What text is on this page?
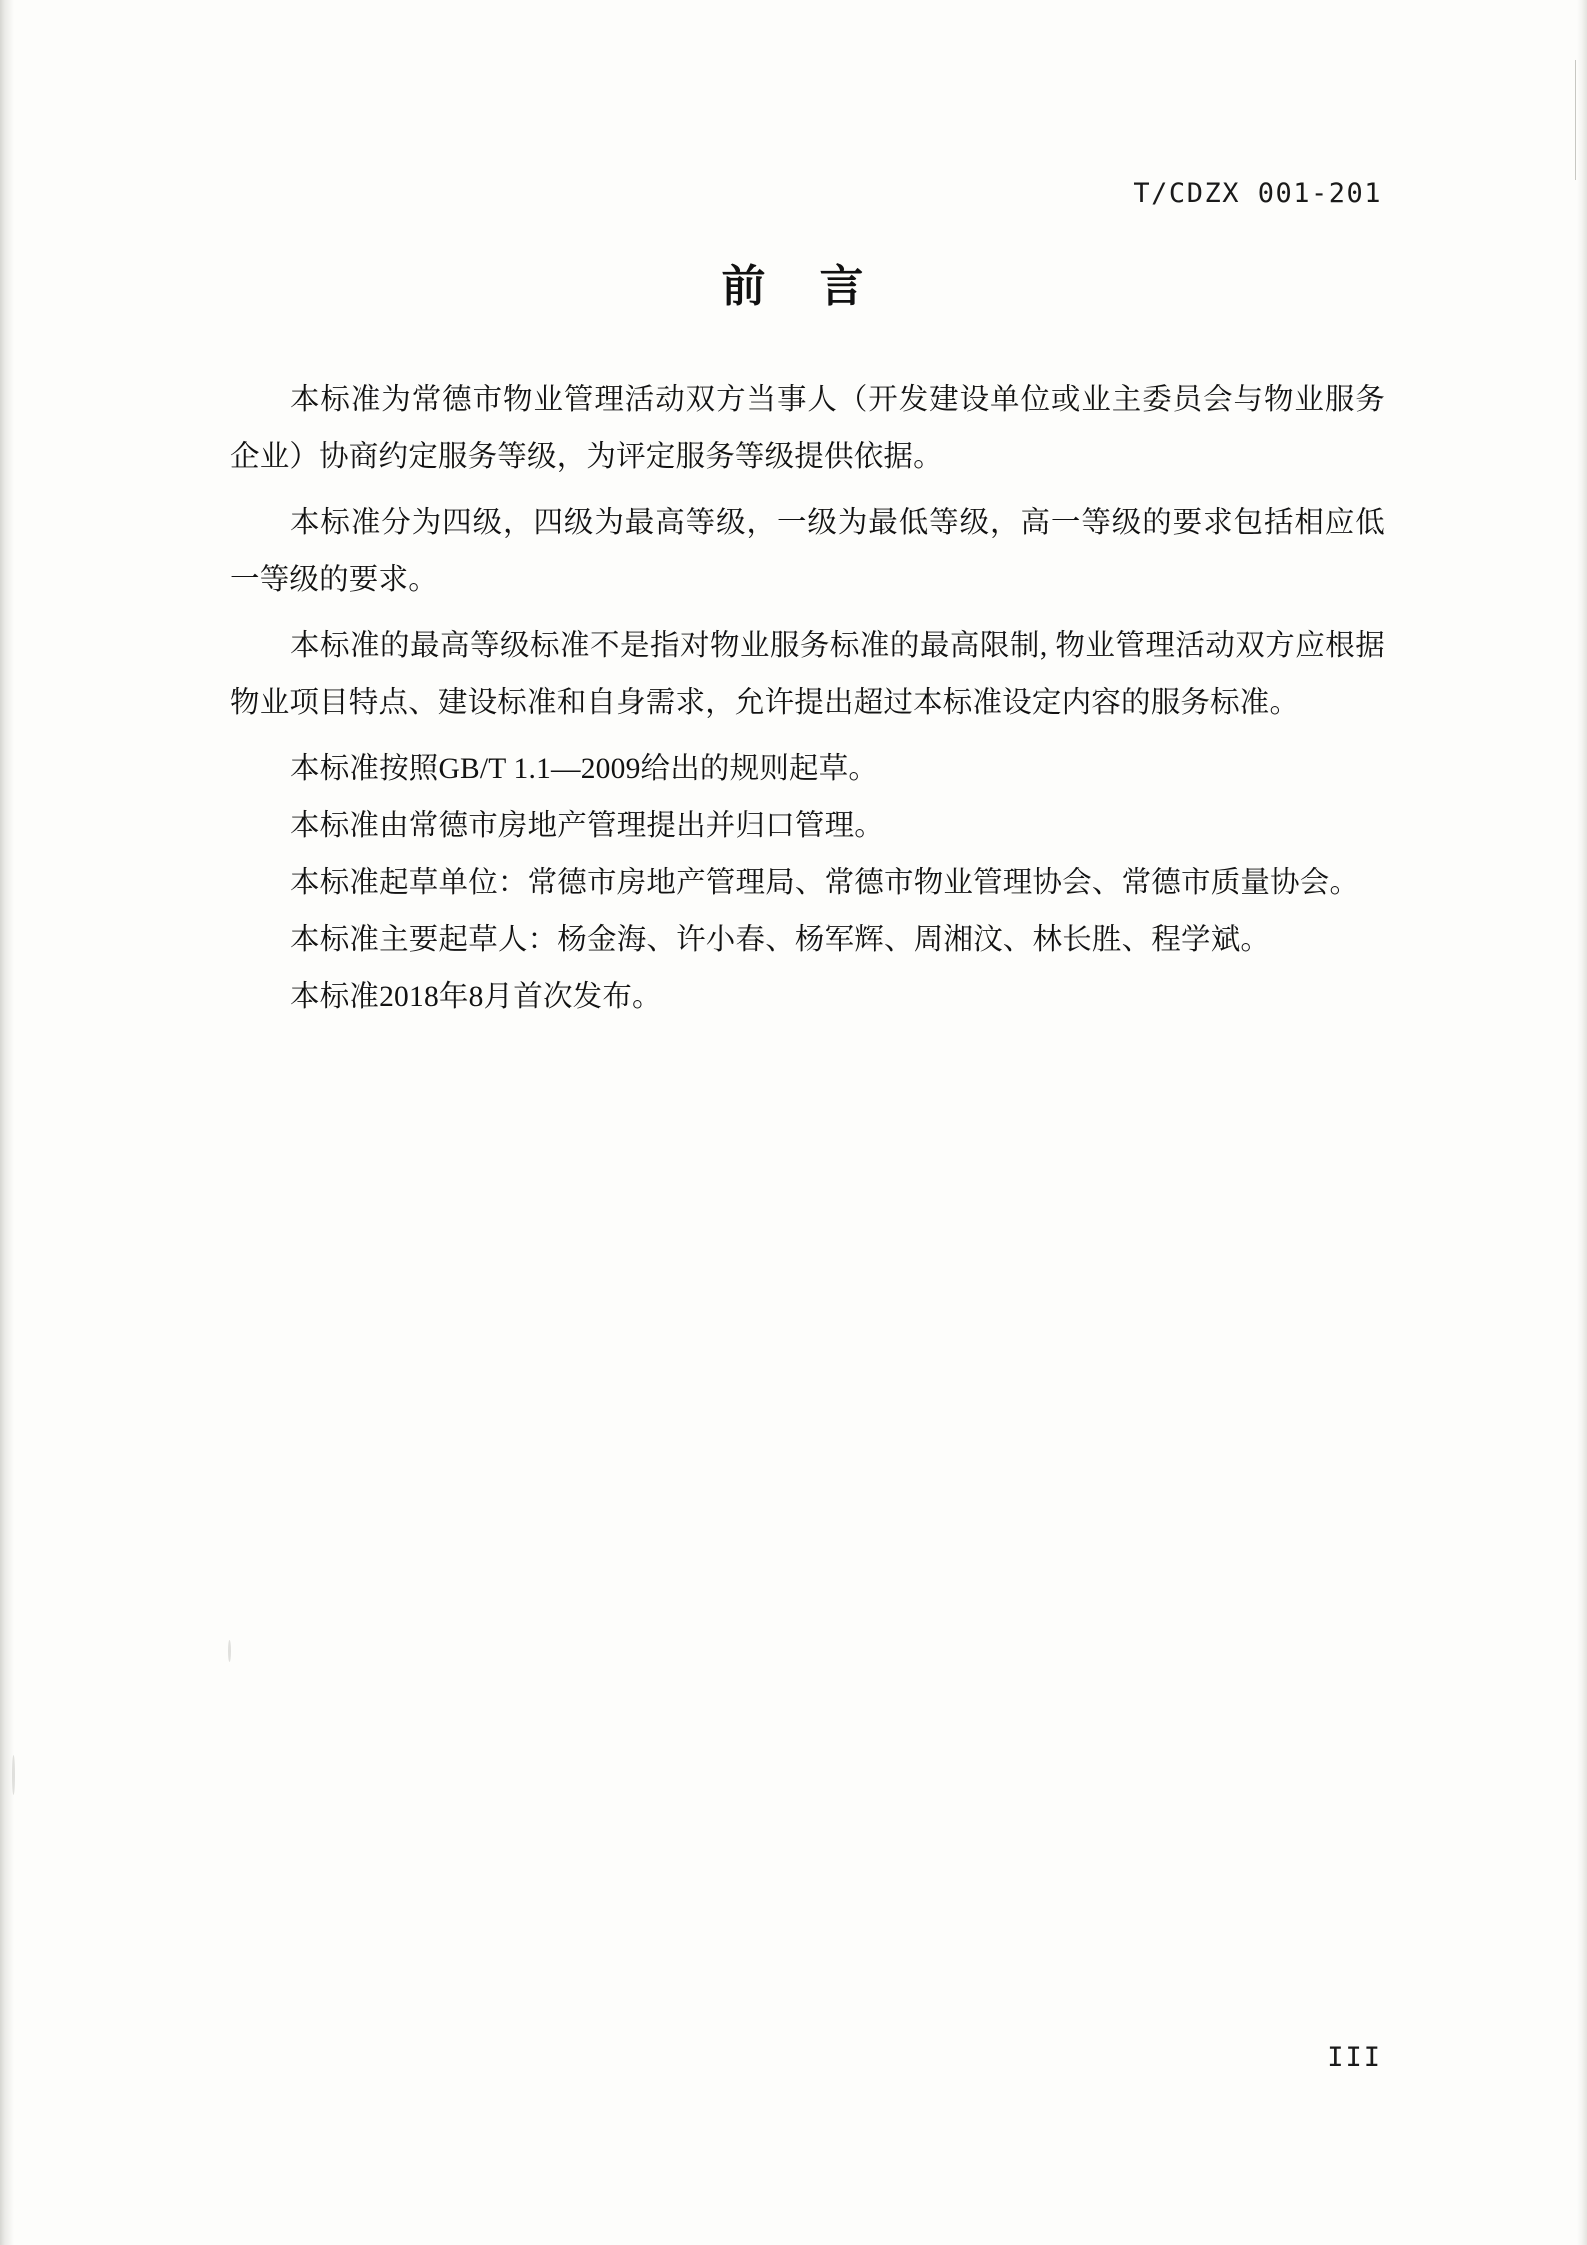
T/CDZX 001-201
前 言

本标准为常德市物业管理活动双方当事人（开发建设单位或业主委员会与物业服务企业）协商约定服务等级，为评定服务等级提供依据。

本标准分为四级，四级为最高等级，一级为最低等级，高一等级的要求包括相应低一等级的要求。

本标准的最高等级标准不是指对物业服务标准的最高限制, 物业管理活动双方应根据物业项目特点、建设标准和自身需求，允许提出超过本标准设定内容的服务标准。

本标准按照GB/T 1.1—2009给出的规则起草。

本标准由常德市房地产管理提出并归口管理。

本标准起草单位：常德市房地产管理局、常德市物业管理协会、常德市质量协会。

本标准主要起草人：杨金海、许小春、杨军辉、周湘汶、林长胜、程学斌。

本标准2018年8月首次发布。

III
